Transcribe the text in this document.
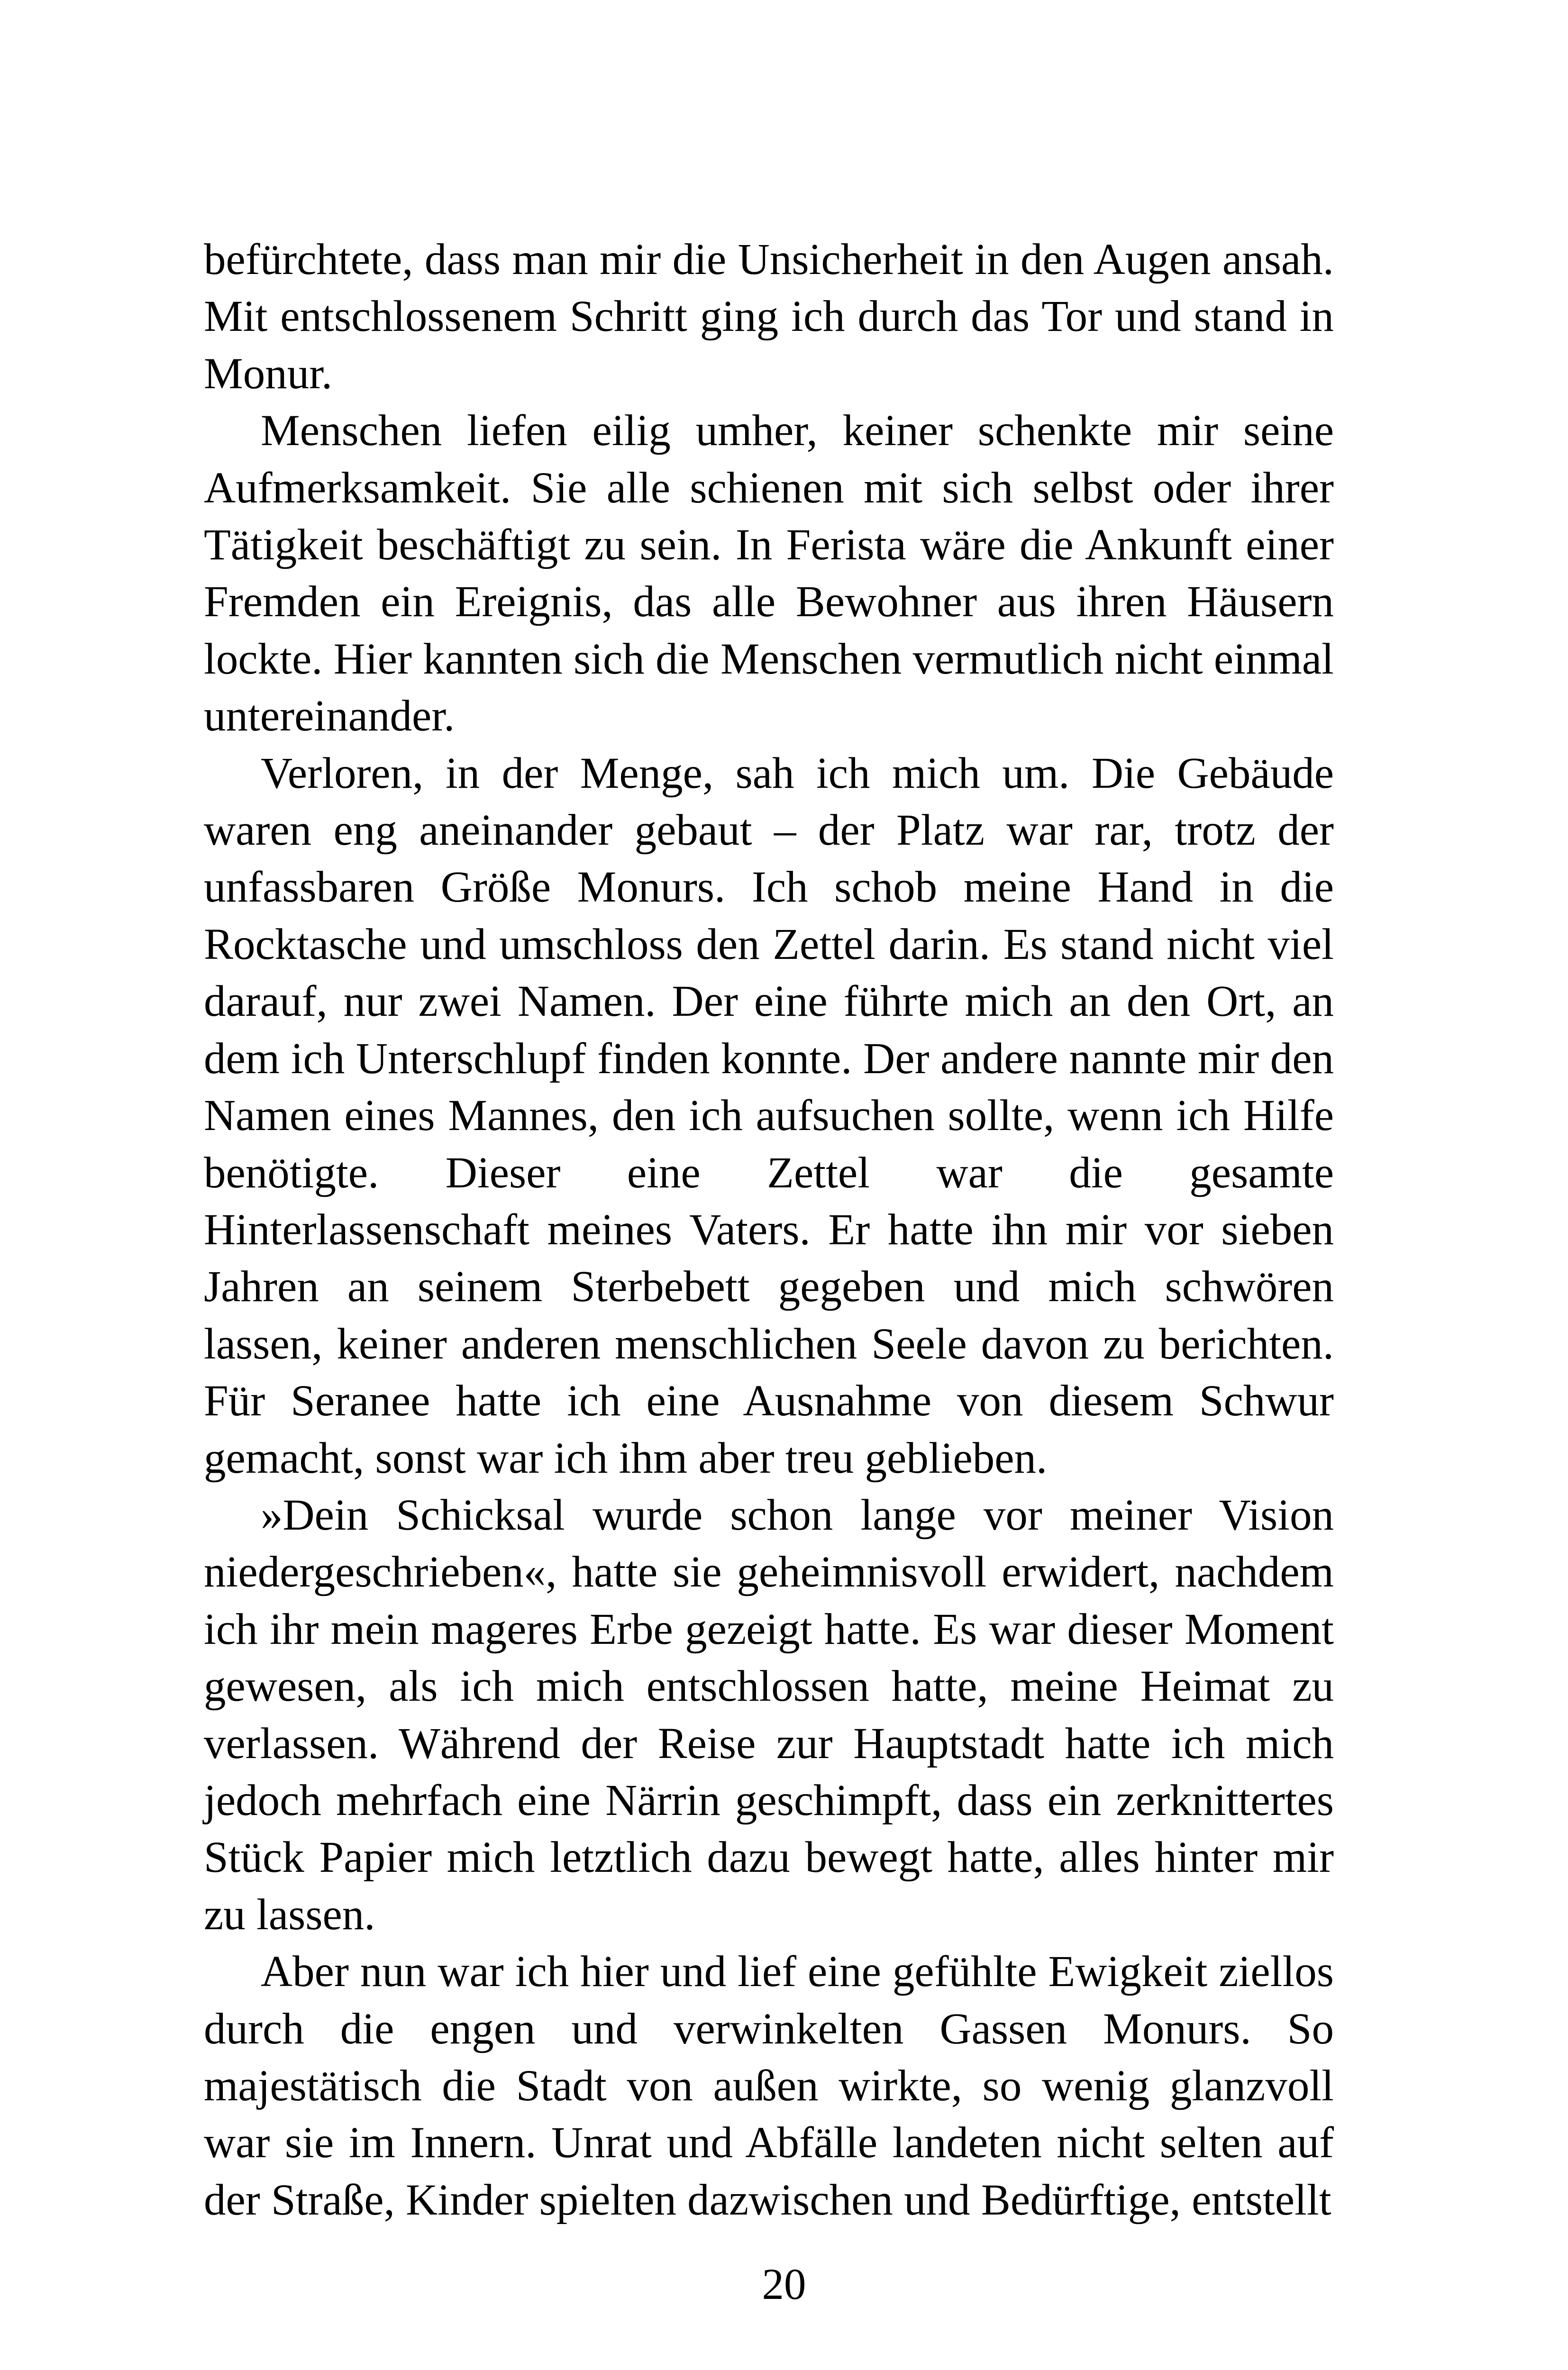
befürchtete, dass man mir die Unsicherheit in den Augen ansah. Mit entschlossenem Schritt ging ich durch das Tor und stand in Monur.

Menschen liefen eilig umher, keiner schenkte mir seine Aufmerksamkeit. Sie alle schienen mit sich selbst oder ihrer Tätigkeit beschäftigt zu sein. In Ferista wäre die Ankunft einer Fremden ein Ereignis, das alle Bewohner aus ihren Häusern lockte. Hier kannten sich die Menschen vermutlich nicht einmal untereinander.

Verloren, in der Menge, sah ich mich um. Die Gebäude waren eng aneinander gebaut – der Platz war rar, trotz der unfassbaren Größe Monurs. Ich schob meine Hand in die Rocktasche und umschloss den Zettel darin. Es stand nicht viel darauf, nur zwei Namen. Der eine führte mich an den Ort, an dem ich Unterschlupf finden konnte. Der andere nannte mir den Namen eines Mannes, den ich aufsuchen sollte, wenn ich Hilfe benötigte. Dieser eine Zettel war die gesamte Hinterlassenschaft meines Vaters. Er hatte ihn mir vor sieben Jahren an seinem Sterbebett gegeben und mich schwören lassen, keiner anderen menschlichen Seele davon zu berichten. Für Seranee hatte ich eine Ausnahme von diesem Schwur gemacht, sonst war ich ihm aber treu geblieben.

»Dein Schicksal wurde schon lange vor meiner Vision niedergeschrieben«, hatte sie geheimnisvoll erwidert, nachdem ich ihr mein mageres Erbe gezeigt hatte. Es war dieser Moment gewesen, als ich mich entschlossen hatte, meine Heimat zu verlassen. Während der Reise zur Hauptstadt hatte ich mich jedoch mehrfach eine Närrin geschimpft, dass ein zerknittertes Stück Papier mich letztlich dazu bewegt hatte, alles hinter mir zu lassen.

Aber nun war ich hier und lief eine gefühlte Ewigkeit ziellos durch die engen und verwinkelten Gassen Monurs. So majestätisch die Stadt von außen wirkte, so wenig glanzvoll war sie im Innern. Unrat und Abfälle landeten nicht selten auf der Straße, Kinder spielten dazwischen und Bedürftige, entstellt

20
